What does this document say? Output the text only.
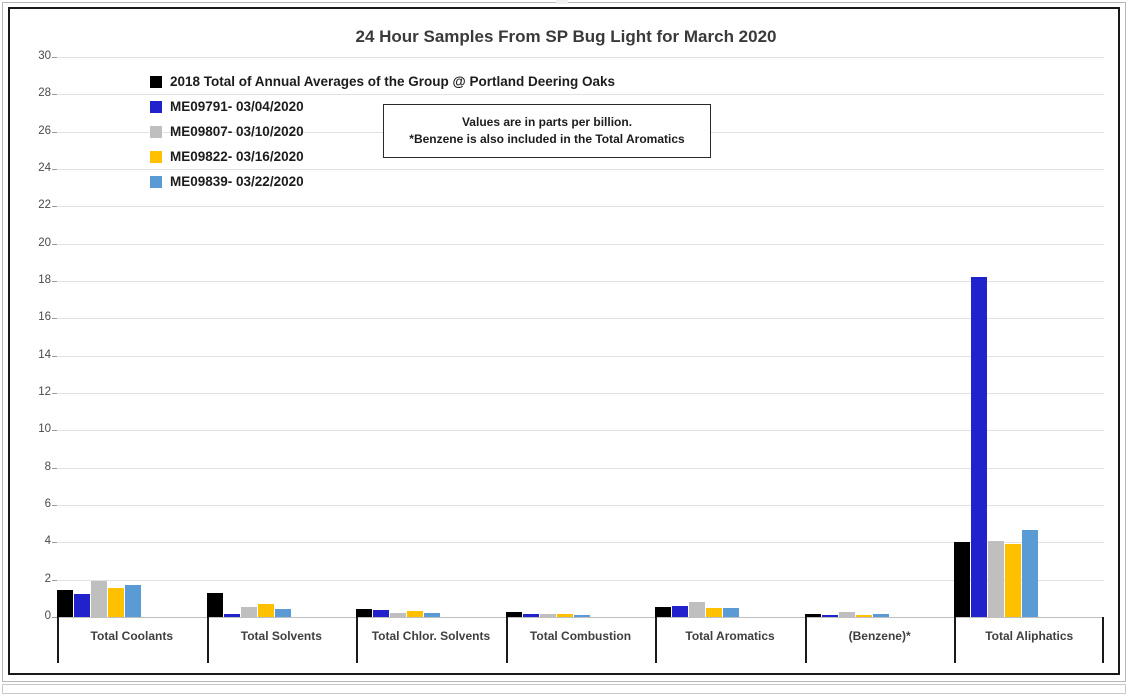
24 Hour Samples From SP Bug Light for March 2020
0
2
4
6
8
10
12
14
16
18
20
22
24
26
28
30
Total Coolants	Total Solvents	Total Chlor. Solvents	Total Combustion	Total Aromatics	(Benzene)*	Total Aliphatics
2018 Total of Annual Averages of the Group @ Portland Deering Oaks
ME09791- 03/04/2020
ME09807- 03/10/2020
ME09822- 03/16/2020
ME09839- 03/22/2020
Values are in parts per billion.
*Benzene is also included in the Total Aromatics
